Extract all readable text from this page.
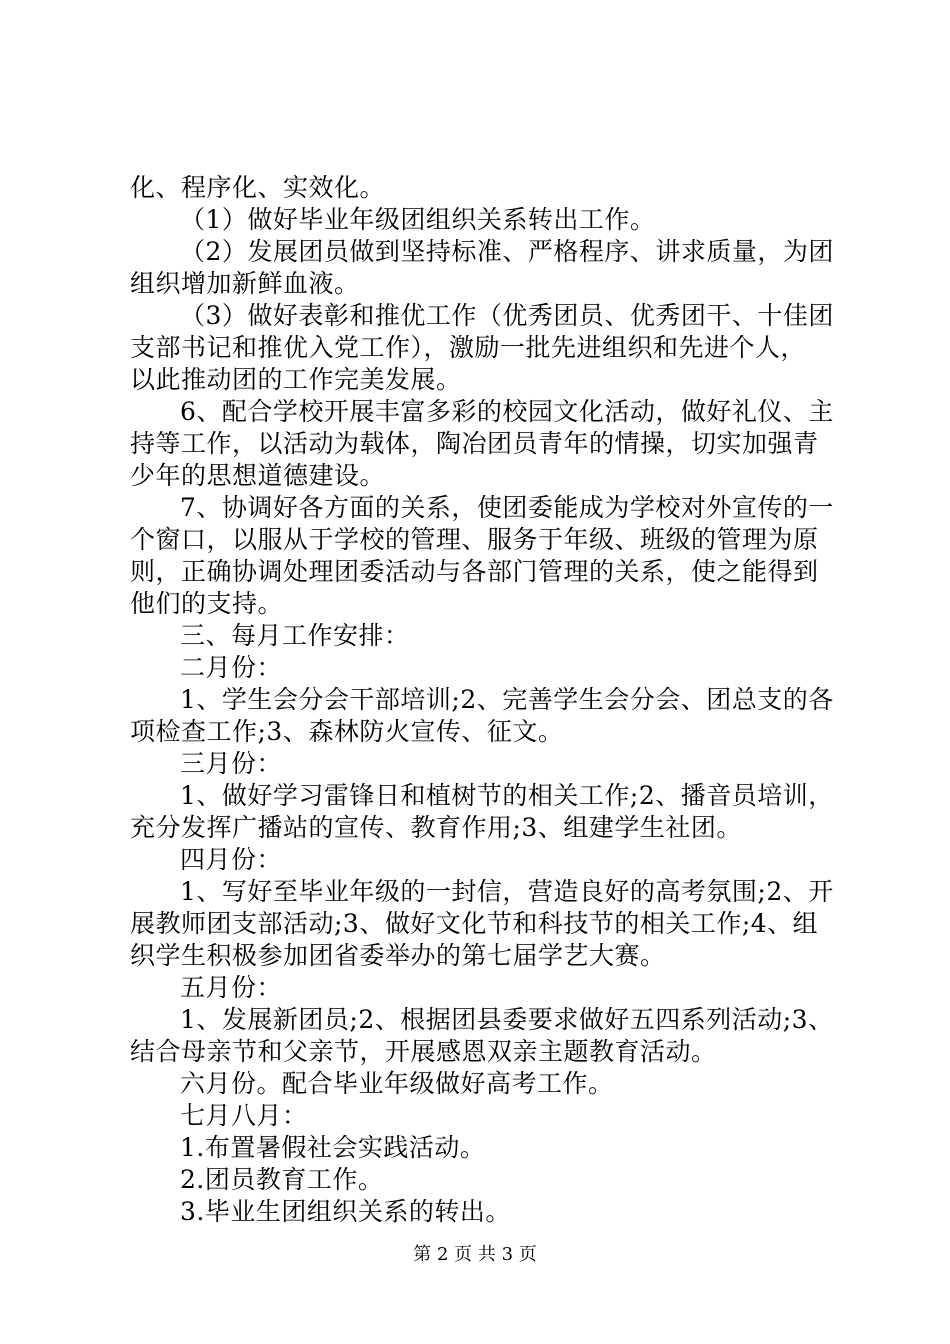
化、程序化、实效化。
（1）做好毕业年级团组织关系转出工作。
（2）发展团员做到坚持标准、严格程序、讲求质量，为团
组织增加新鲜血液。
（3）做好表彰和推优工作（优秀团员、优秀团干、十佳团
支部书记和推优入党工作），激励一批先进组织和先进个人，
以此推动团的工作完美发展。
6、配合学校开展丰富多彩的校园文化活动，做好礼仪、主
持等工作，以活动为载体，陶冶团员青年的情操，切实加强青
少年的思想道德建设。
7、协调好各方面的关系，使团委能成为学校对外宣传的一
个窗口，以服从于学校的管理、服务于年级、班级的管理为原
则，正确协调处理团委活动与各部门管理的关系，使之能得到
他们的支持。
三、每月工作安排：
二月份：
1、学生会分会干部培训;2、完善学生会分会、团总支的各
项检查工作;3、森林防火宣传、征文。
三月份：
1、做好学习雷锋日和植树节的相关工作;2、播音员培训，
充分发挥广播站的宣传、教育作用;3、组建学生社团。
四月份：
1、写好至毕业年级的一封信，营造良好的高考氛围;2、开
展教师团支部活动;3、做好文化节和科技节的相关工作;4、组
织学生积极参加团省委举办的第七届学艺大赛。
五月份：
1、发展新团员;2、根据团县委要求做好五四系列活动;3、
结合母亲节和父亲节，开展感恩双亲主题教育活动。
六月份。配合毕业年级做好高考工作。
七月八月：
1.布置暑假社会实践活动。
2.团员教育工作。
3.毕业生团组织关系的转出。
第 2 页 共 3 页
